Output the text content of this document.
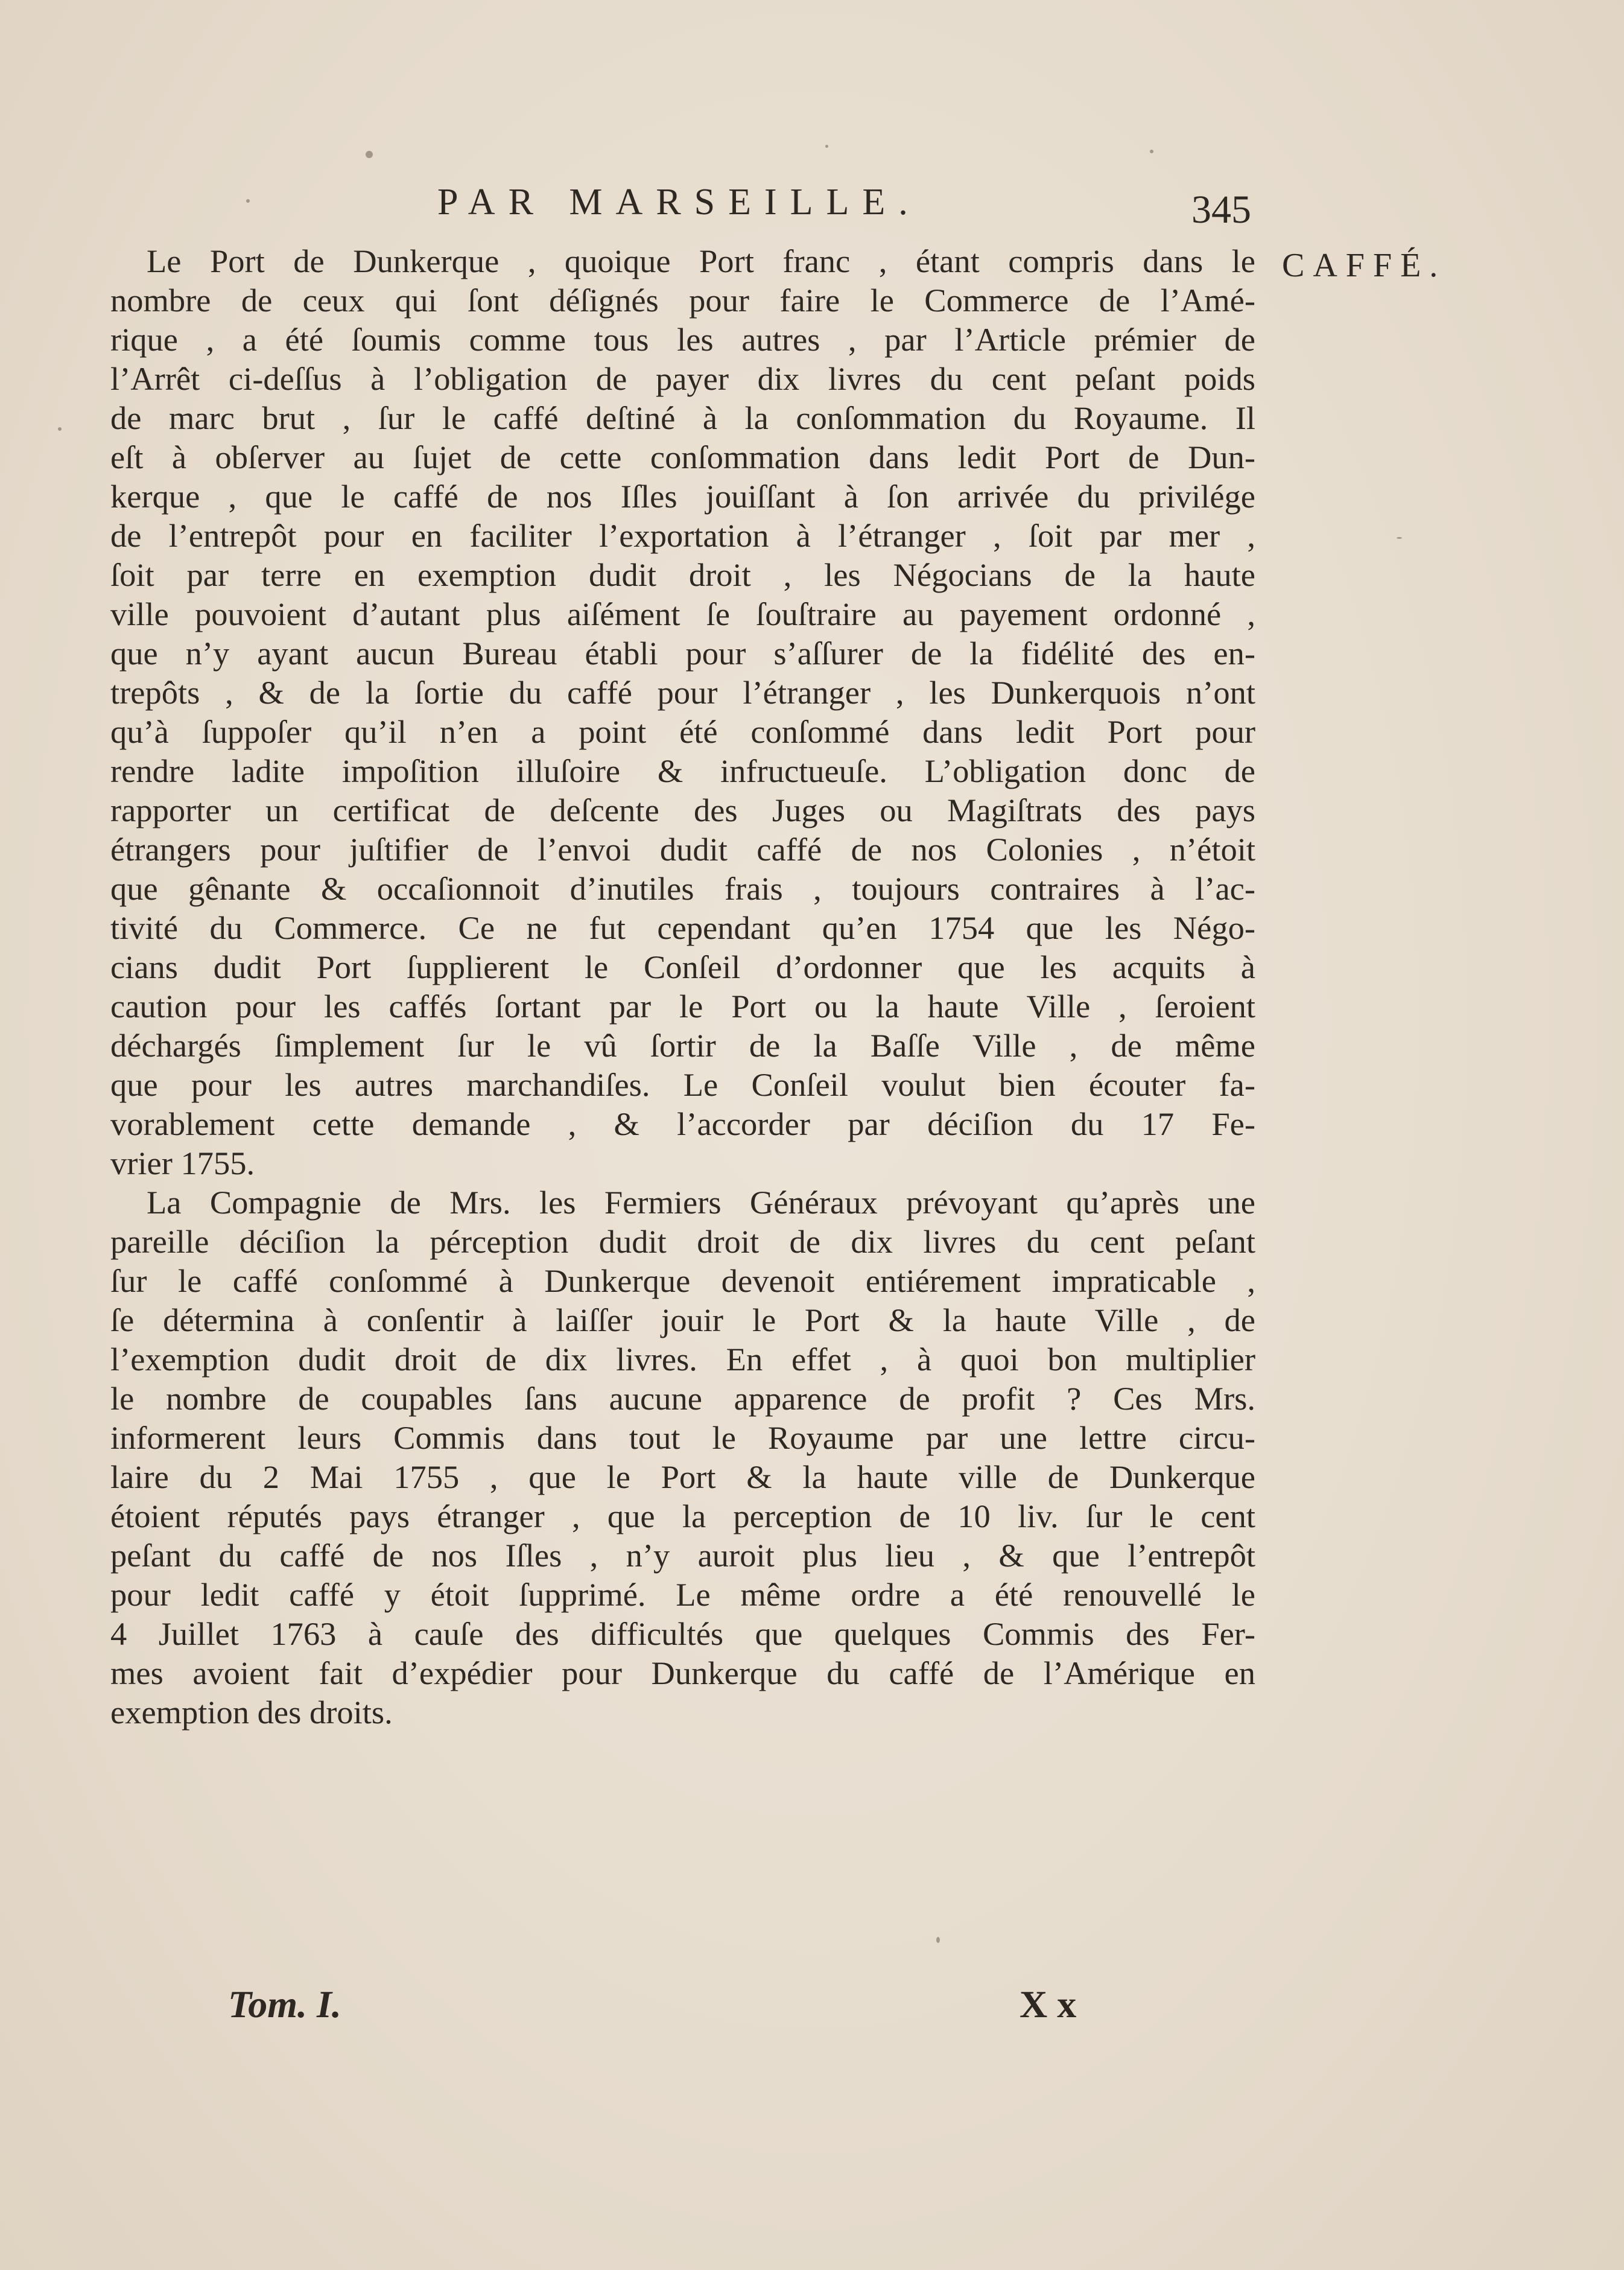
PAR MARSEILLE.	345
CAFFÉ.
Le Port de Dunkerque , quoique Port franc , étant compris dans le
nombre de ceux qui ſont déſignés pour faire le Commerce de l’Amé-
rique , a été ſoumis comme tous les autres , par l’Article prémier de
l’Arrêt ci-deſſus à l’obligation de payer dix livres du cent peſant poids
de marc brut , ſur le caffé deſtiné à la conſommation du Royaume. Il
eſt à obſerver au ſujet de cette conſommation dans ledit Port de Dun-
kerque , que le caffé de nos Iſles jouiſſant à ſon arrivée du privilége
de l’entrepôt pour en faciliter l’exportation à l’étranger , ſoit par mer ,
ſoit par terre en exemption dudit droit , les Négocians de la haute
ville pouvoient d’autant plus aiſément ſe ſouſtraire au payement ordonné ,
que n’y ayant aucun Bureau établi pour s’aſſurer de la fidélité des en-
trepôts , & de la ſortie du caffé pour l’étranger , les Dunkerquois n’ont
qu’à ſuppoſer qu’il n’en a point été conſommé dans ledit Port pour
rendre ladite impoſition illuſoire & infructueuſe. L’obligation donc de
rapporter un certificat de deſcente des Juges ou Magiſtrats des pays
étrangers pour juſtifier de l’envoi dudit caffé de nos Colonies , n’étoit
que gênante & occaſionnoit d’inutiles frais , toujours contraires à l’ac-
tivité du Commerce. Ce ne fut cependant qu’en 1754 que les Négo-
cians dudit Port ſupplierent le Conſeil d’ordonner que les acquits à
caution pour les caffés ſortant par le Port ou la haute Ville , ſeroient
déchargés ſimplement ſur le vû ſortir de la Baſſe Ville , de même
que pour les autres marchandiſes. Le Conſeil voulut bien écouter fa-
vorablement cette demande , & l’accorder par déciſion du 17 Fe-
vrier 1755.
La Compagnie de Mrs. les Fermiers Généraux prévoyant qu’après une
pareille déciſion la pérception dudit droit de dix livres du cent peſant
ſur le caffé conſommé à Dunkerque devenoit entiérement impraticable ,
ſe détermina à conſentir à laiſſer jouir le Port & la haute Ville , de
l’exemption dudit droit de dix livres. En effet , à quoi bon multiplier
le nombre de coupables ſans aucune apparence de profit ? Ces Mrs.
informerent leurs Commis dans tout le Royaume par une lettre circu-
laire du 2 Mai 1755 , que le Port & la haute ville de Dunkerque
étoient réputés pays étranger , que la perception de 10 liv. ſur le cent
peſant du caffé de nos Iſles , n’y auroit plus lieu , & que l’entrepôt
pour ledit caffé y étoit ſupprimé. Le même ordre a été renouvellé le
4 Juillet 1763 à cauſe des difficultés que quelques Commis des Fer-
mes avoient fait d’expédier pour Dunkerque du caffé de l’Amérique en
exemption des droits.
Tom. I.	X x
